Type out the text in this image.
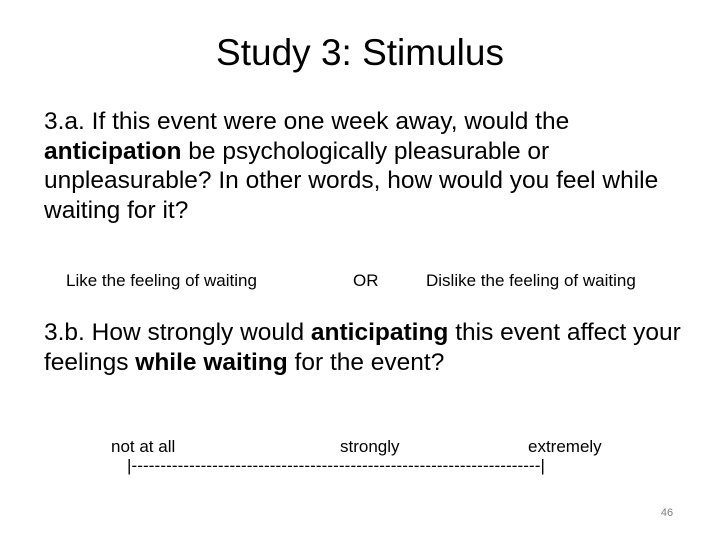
Study 3: Stimulus
3.a. If this event were one week away, would the anticipation be psychologically pleasurable or unpleasurable? In other words, how would you feel while waiting for it?
Like the feeling of waiting	OR	Dislike the feeling of waiting
3.b. How strongly would anticipating this event affect your feelings while waiting for the event?
not at all	strongly	extremely
|-----------------------------------------------------------------------|
46
